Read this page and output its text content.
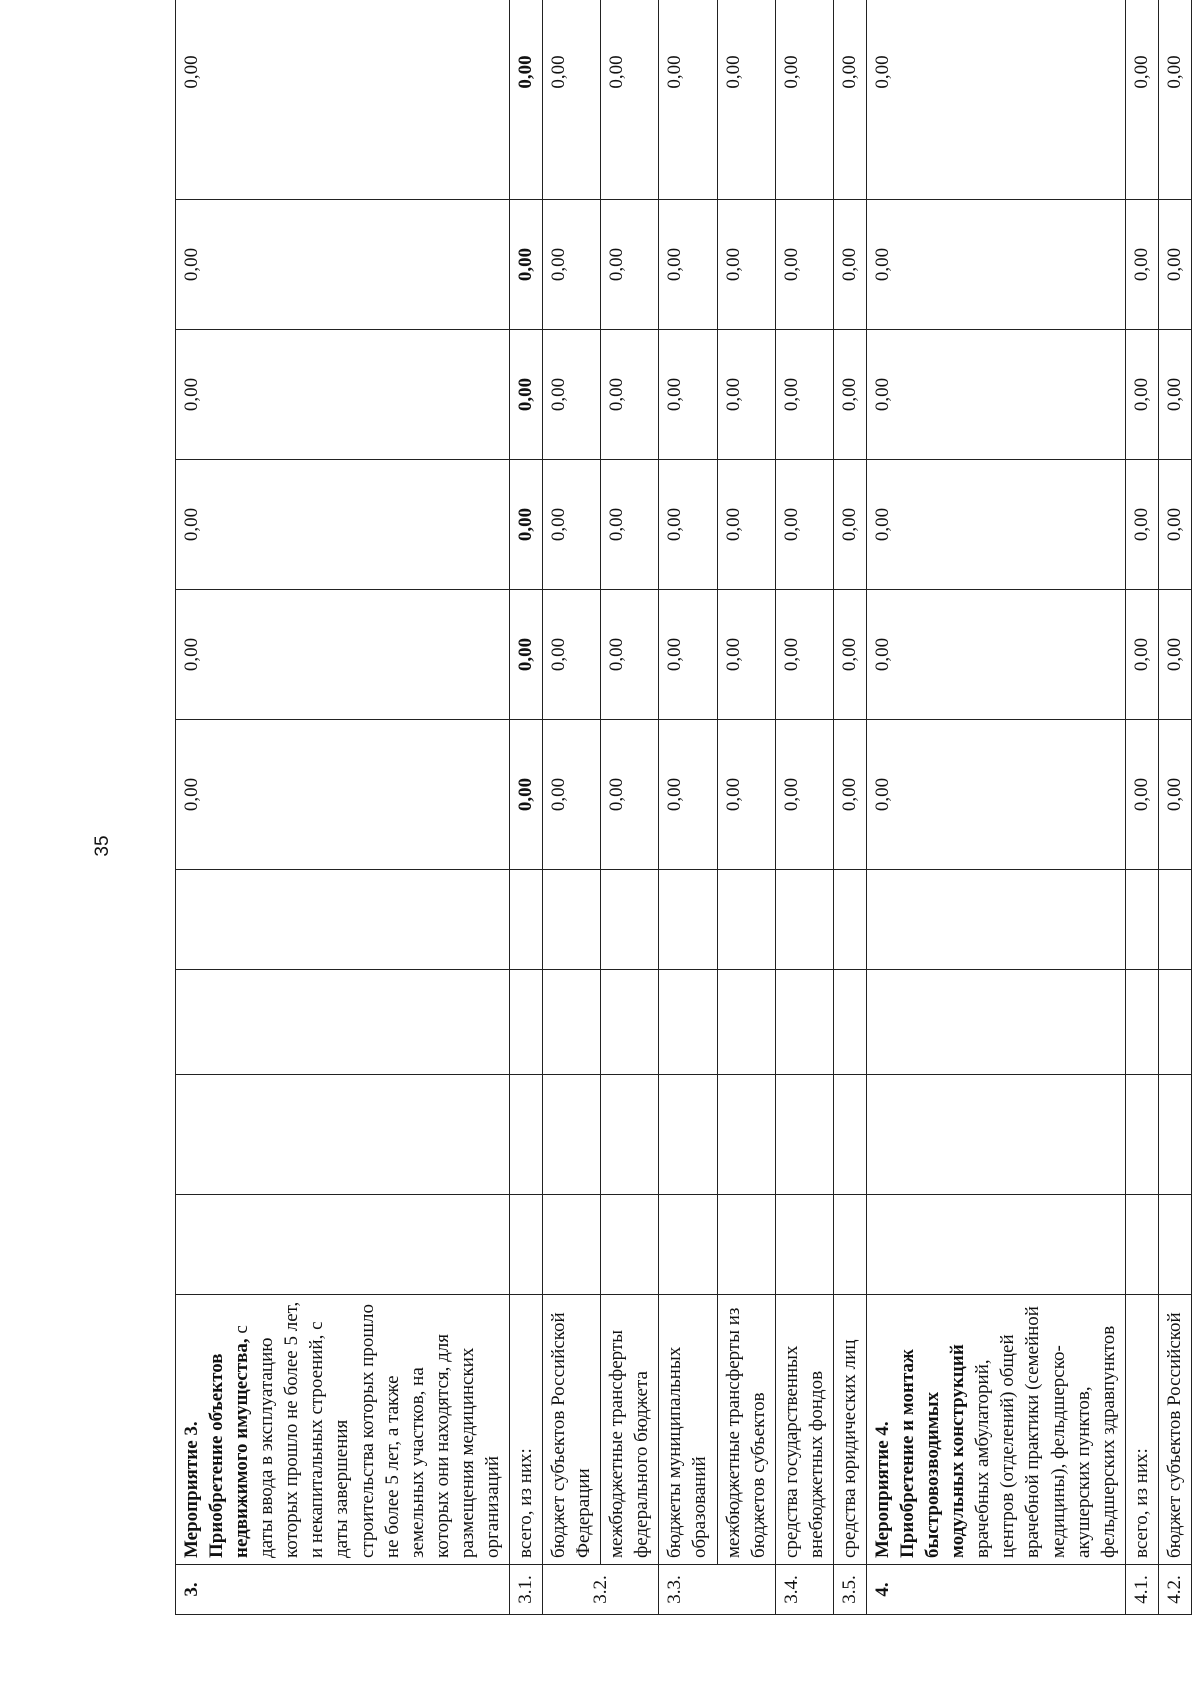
35
3.	Мероприятие 3. Приобретение объектов недвижимого имущества, с даты ввода в эксплуатацию которых прошло не более 5 лет, и некапитальных строений, с даты завершения строительства которых прошло не более 5 лет, а также земельных участков, на которых они находятся, для размещения медицинских организаций					0,00	0,00	0,00	0,00	0,00	0,00
3.1.	всего, из них:					0,00	0,00	0,00	0,00	0,00	0,00
3.2.	бюджет субъектов Российской Федерации					0,00	0,00	0,00	0,00	0,00	0,00
	межбюджетные трансферты федерального бюджета					0,00	0,00	0,00	0,00	0,00	0,00
3.3.	бюджеты муниципальных образований					0,00	0,00	0,00	0,00	0,00	0,00
	межбюджетные трансферты из бюджетов субъектов					0,00	0,00	0,00	0,00	0,00	0,00
3.4.	средства государственных внебюджетных фондов					0,00	0,00	0,00	0,00	0,00	0,00
3.5.	средства юридических лиц					0,00	0,00	0,00	0,00	0,00	0,00
4.	Мероприятие 4. Приобретение и монтаж быстровозводимых модульных конструкций врачебных амбулаторий, центров (отделений) общей врачебной практики (семейной медицины), фельдшерско-акушерских пунктов, фельдшерских здравпунктов					0,00	0,00	0,00	0,00	0,00	0,00
4.1.	всего, из них:					0,00	0,00	0,00	0,00	0,00	0,00
4.2.	бюджет субъектов Российской					0,00	0,00	0,00	0,00	0,00	0,00
